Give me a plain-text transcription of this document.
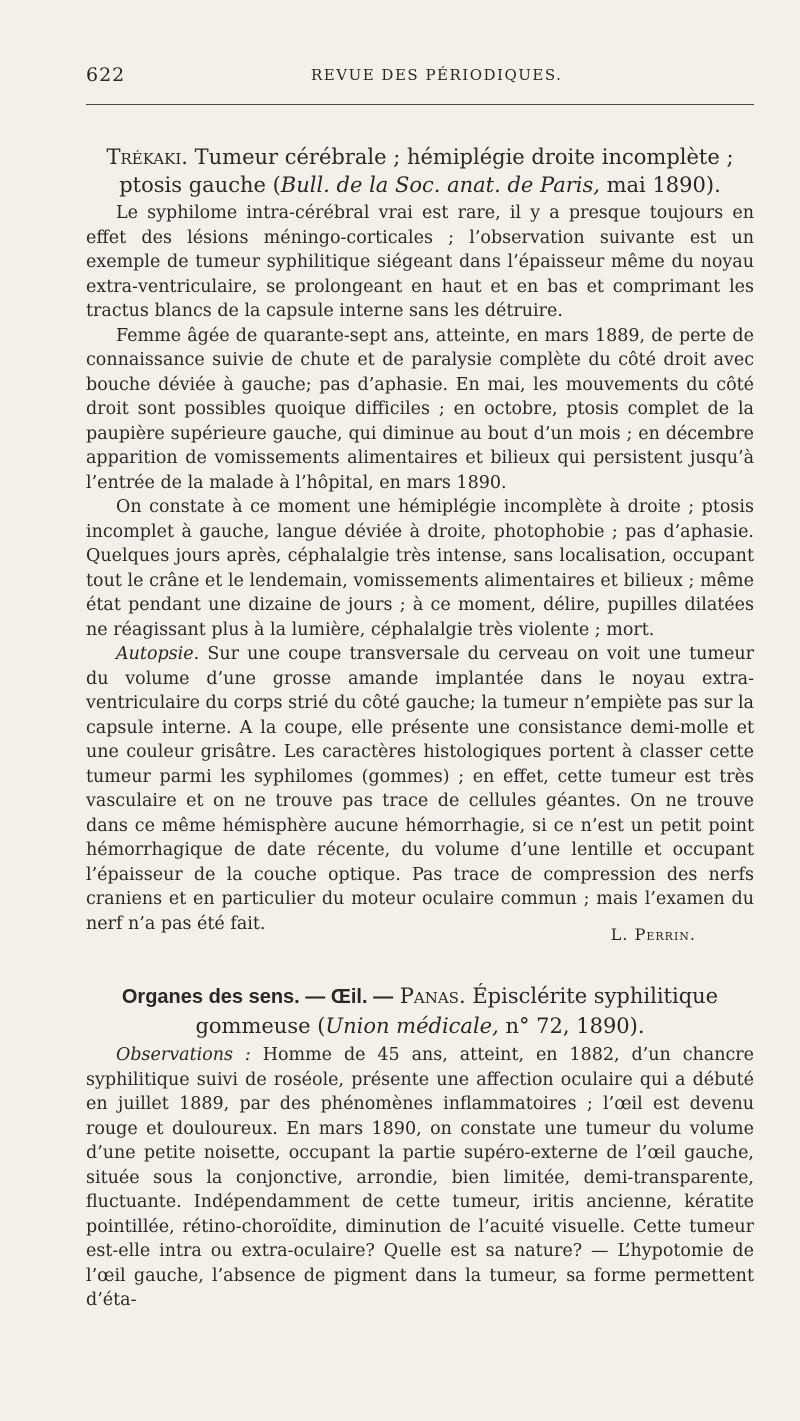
622	REVUE DES PÉRIODIQUES.
Trékaki. Tumeur cérébrale ; hémiplégie droite incomplète ; ptosis gauche (Bull. de la Soc. anat. de Paris, mai 1890).

Le syphilome intra-cérébral vrai est rare, il y a presque toujours en effet des lésions méningo-corticales ; l’observation suivante est un exemple de tumeur syphilitique siégeant dans l’épaisseur même du noyau extra-ventriculaire, se prolongeant en haut et en bas et comprimant les tractus blancs de la capsule interne sans les détruire.

Femme âgée de quarante-sept ans, atteinte, en mars 1889, de perte de connaissance suivie de chute et de paralysie complète du côté droit avec bouche déviée à gauche; pas d’aphasie. En mai, les mouvements du côté droit sont possibles quoique difficiles ; en octobre, ptosis complet de la paupière supérieure gauche, qui diminue au bout d’un mois ; en décembre apparition de vomissements alimentaires et bilieux qui persistent jusqu’à l’entrée de la malade à l’hôpital, en mars 1890.

On constate à ce moment une hémiplégie incomplète à droite ; ptosis incomplet à gauche, langue déviée à droite, photophobie ; pas d’aphasie. Quelques jours après, céphalalgie très intense, sans localisation, occupant tout le crâne et le lendemain, vomissements alimentaires et bilieux ; même état pendant une dizaine de jours ; à ce moment, délire, pupilles dilatées ne réagissant plus à la lumière, céphalalgie très violente ; mort.

Autopsie. Sur une coupe transversale du cerveau on voit une tumeur du volume d’une grosse amande implantée dans le noyau extra-ventriculaire du corps strié du côté gauche; la tumeur n’empiète pas sur la capsule interne. A la coupe, elle présente une consistance demi-molle et une couleur grisâtre. Les caractères histologiques portent à classer cette tumeur parmi les syphilomes (gommes) ; en effet, cette tumeur est très vasculaire et on ne trouve pas trace de cellules géantes. On ne trouve dans ce même hémisphère aucune hémorrhagie, si ce n’est un petit point hémorrhagique de date récente, du volume d’une lentille et occupant l’épaisseur de la couche optique. Pas trace de compression des nerfs craniens et en particulier du moteur oculaire commun ; mais l’examen du nerf n’a pas été fait.

L. Perrin.
Organes des sens. — Œil. — Panas. Épisclérite syphilitique gommeuse (Union médicale, n° 72, 1890).

Observations : Homme de 45 ans, atteint, en 1882, d’un chancre syphilitique suivi de roséole, présente une affection oculaire qui a débuté en juillet 1889, par des phénomènes inflammatoires ; l’œil est devenu rouge et douloureux. En mars 1890, on constate une tumeur du volume d’une petite noisette, occupant la partie supéro-externe de l’œil gauche, située sous la conjonctive, arrondie, bien limitée, demi-transparente, fluctuante. Indépendamment de cette tumeur, iritis ancienne, kératite pointillée, rétino-choroïdite, diminution de l’acuité visuelle. Cette tumeur est-elle intra ou extra-oculaire? Quelle est sa nature? — L’hypotomie de l’œil gauche, l’absence de pigment dans la tumeur, sa forme permettent d’éta-
